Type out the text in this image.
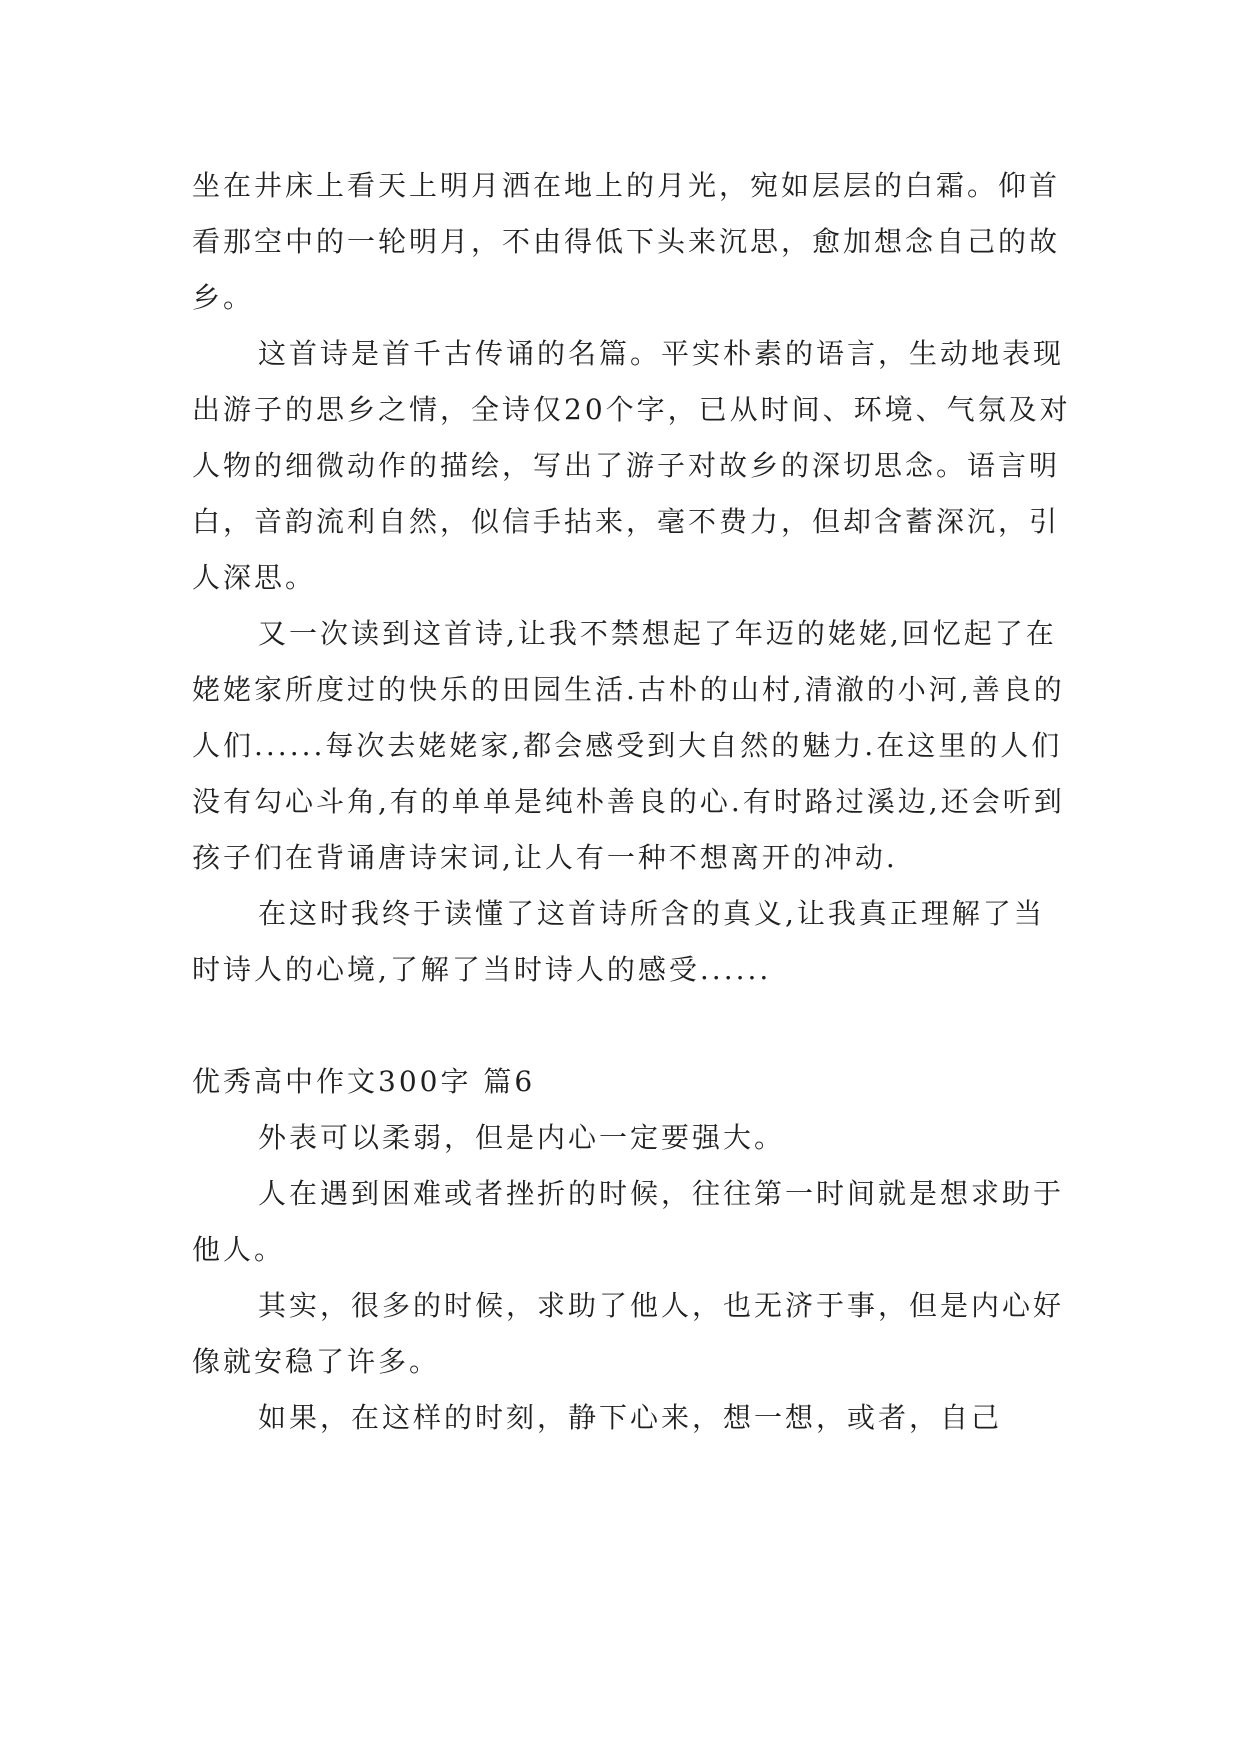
坐在井床上看天上明月洒在地上的月光，宛如层层的白霜。仰首看那空中的一轮明月，不由得低下头来沉思，愈加想念自己的故乡。

这首诗是首千古传诵的名篇。平实朴素的语言，生动地表现出游子的思乡之情，全诗仅20个字，已从时间、环境、气氛及对人物的细微动作的描绘，写出了游子对故乡的深切思念。语言明白，音韵流利自然，似信手拈来，毫不费力，但却含蓄深沉，引人深思。

又一次读到这首诗,让我不禁想起了年迈的姥姥,回忆起了在姥姥家所度过的快乐的田园生活.古朴的山村,清澈的小河,善良的人们......每次去姥姥家,都会感受到大自然的魅力.在这里的人们没有勾心斗角,有的单单是纯朴善良的心.有时路过溪边,还会听到孩子们在背诵唐诗宋词,让人有一种不想离开的冲动.

在这时我终于读懂了这首诗所含的真义,让我真正理解了当时诗人的心境,了解了当时诗人的感受......

优秀高中作文300字 篇6

外表可以柔弱，但是内心一定要强大。

人在遇到困难或者挫折的时候，往往第一时间就是想求助于他人。

其实，很多的时候，求助了他人，也无济于事，但是内心好像就安稳了许多。

如果，在这样的时刻，静下心来，想一想，或者，自己
